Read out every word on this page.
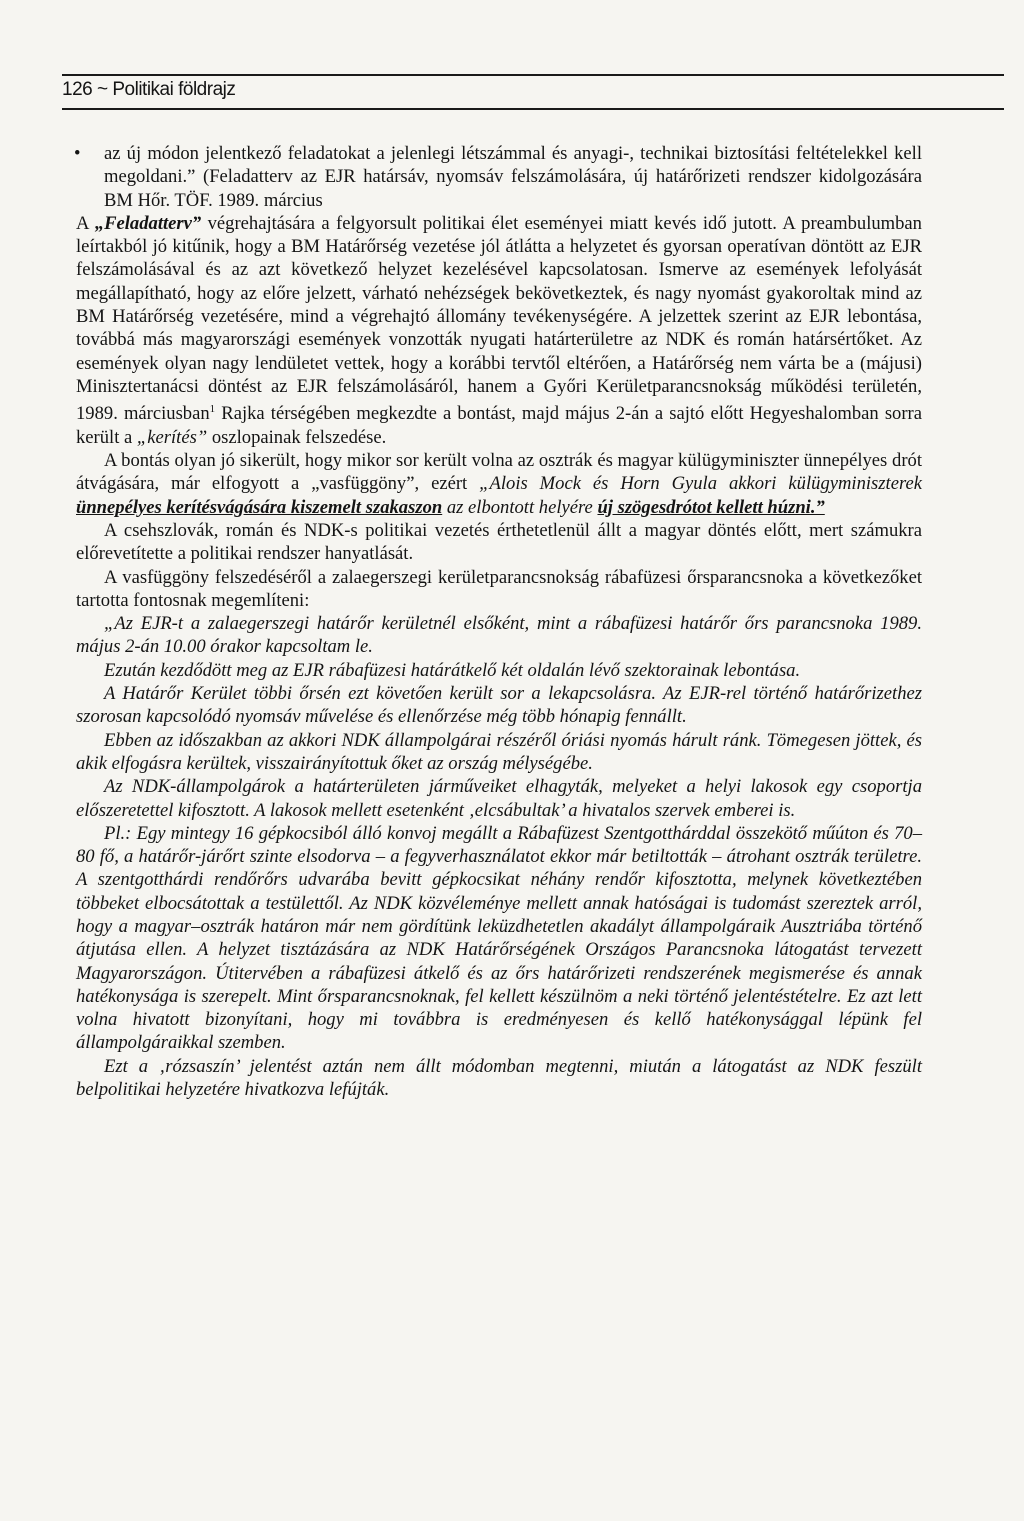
126 ~ Politikai földrajz

•	az új módon jelentkező feladatokat a jelenlegi létszámmal és anyagi-, technikai biztosítási feltételekkel kell megoldani.” (Feladatterv az EJR határsáv, nyomsáv felszámolására, új határőrizeti rendszer kidolgozására BM Hőr. TÖF. 1989. március

A „Feladatterv” végrehajtására a felgyorsult politikai élet eseményei miatt kevés idő jutott. A preambulumban leírtakból jó kitűnik, hogy a BM Határőrség vezetése jól átlátta a helyzetet és gyorsan operatívan döntött az EJR felszámolásával és az azt következő helyzet kezelésével kapcsolatosan. Ismerve az események lefolyását megállapítható, hogy az előre jelzett, várható nehézségek bekövetkeztek, és nagy nyomást gyakoroltak mind az BM Határőrség vezetésére, mind a végrehajtó állomány tevékenységére. A jelzettek szerint az EJR lebontása, továbbá más magyarországi események vonzották nyugati határterületre az NDK és román határsértőket. Az események olyan nagy lendületet vettek, hogy a korábbi tervtől eltérően, a Határőrség nem várta be a (májusi) Minisztertanácsi döntést az EJR felszámolásáról, hanem a Győri Kerületparancsnokság működési területén, 1989. márciusban$^1$ Rajka térségében megkezdte a bontást, majd május 2-án a sajtó előtt Hegyeshalomban sorra került a „kerítés” oszlopainak felszedése.

A bontás olyan jó sikerült, hogy mikor sor került volna az osztrák és magyar külügyminiszter ünnepélyes drót átvágására, már elfogyott a „vasfüggöny”, ezért „Alois Mock és Horn Gyula akkori külügyminiszterek ünnepélyes kerítésvágására kiszemelt szakaszon az elbontott helyére új szögesdrótot kellett húzni.”

A csehszlovák, román és NDK-s politikai vezetés érthetetlenül állt a magyar döntés előtt, mert számukra előrevetítette a politikai rendszer hanyatlását.

A vasfüggöny felszedéséről a zalaegerszegi kerületparancsnokság rábafüzesi őrsparancsnoka a következőket tartotta fontosnak megemlíteni:

„Az EJR-t a zalaegerszegi határőr kerületnél elsőként, mint a rábafüzesi határőr őrs parancsnoka 1989. május 2-án 10.00 órakor kapcsoltam le.

Ezután kezdődött meg az EJR rábafüzesi határátkelő két oldalán lévő szektorainak lebontása.

A Határőr Kerület többi őrsén ezt követően került sor a lekapcsolásra. Az EJR-rel történő határőrizethez szorosan kapcsolódó nyomsáv művelése és ellenőrzése még több hónapig fennállt.

Ebben az időszakban az akkori NDK állampolgárai részéről óriási nyomás hárult ránk. Tömegesen jöttek, és akik elfogásra kerültek, visszairányítottuk őket az ország mélységébe.

Az NDK-állampolgárok a határterületen járműveiket elhagyták, melyeket a helyi lakosok egy csoportja előszeretettel kifosztott. A lakosok mellett esetenként ‚elcsábultak’ a hivatalos szervek emberei is.

Pl.: Egy mintegy 16 gépkocsiból álló konvoj megállt a Rábafüzest Szentgotthárddal összekötő műúton és 70–80 fő, a határőr-járőrt szinte elsodorva – a fegyverhasználatot ekkor már betiltották – átrohant osztrák területre. A szentgotthárdi rendőrőrs udvarába bevitt gépkocsikat néhány rendőr kifosztotta, melynek következtében többeket elbocsátottak a testülettől. Az NDK közvéleménye mellett annak hatóságai is tudomást szereztek arról, hogy a magyar–osztrák határon már nem gördítünk leküzdhetetlen akadályt állampolgáraik Ausztriába történő átjutása ellen. A helyzet tisztázására az NDK Határőrségének Országos Parancsnoka látogatást tervezett Magyarországon. Útitervében a rábafüzesi átkelő és az őrs határőrizeti rendszerének megismerése és annak hatékonysága is szerepelt. Mint őrsparancsnoknak, fel kellett készülnöm a neki történő jelentéstételre. Ez azt lett volna hivatott bizonyítani, hogy mi továbbra is eredményesen és kellő hatékonysággal lépünk fel állampolgáraikkal szemben.

Ezt a ‚rózsaszín’ jelentést aztán nem állt módomban megtenni, miután a látogatást az NDK feszült belpolitikai helyzetére hivatkozva lefújták.
